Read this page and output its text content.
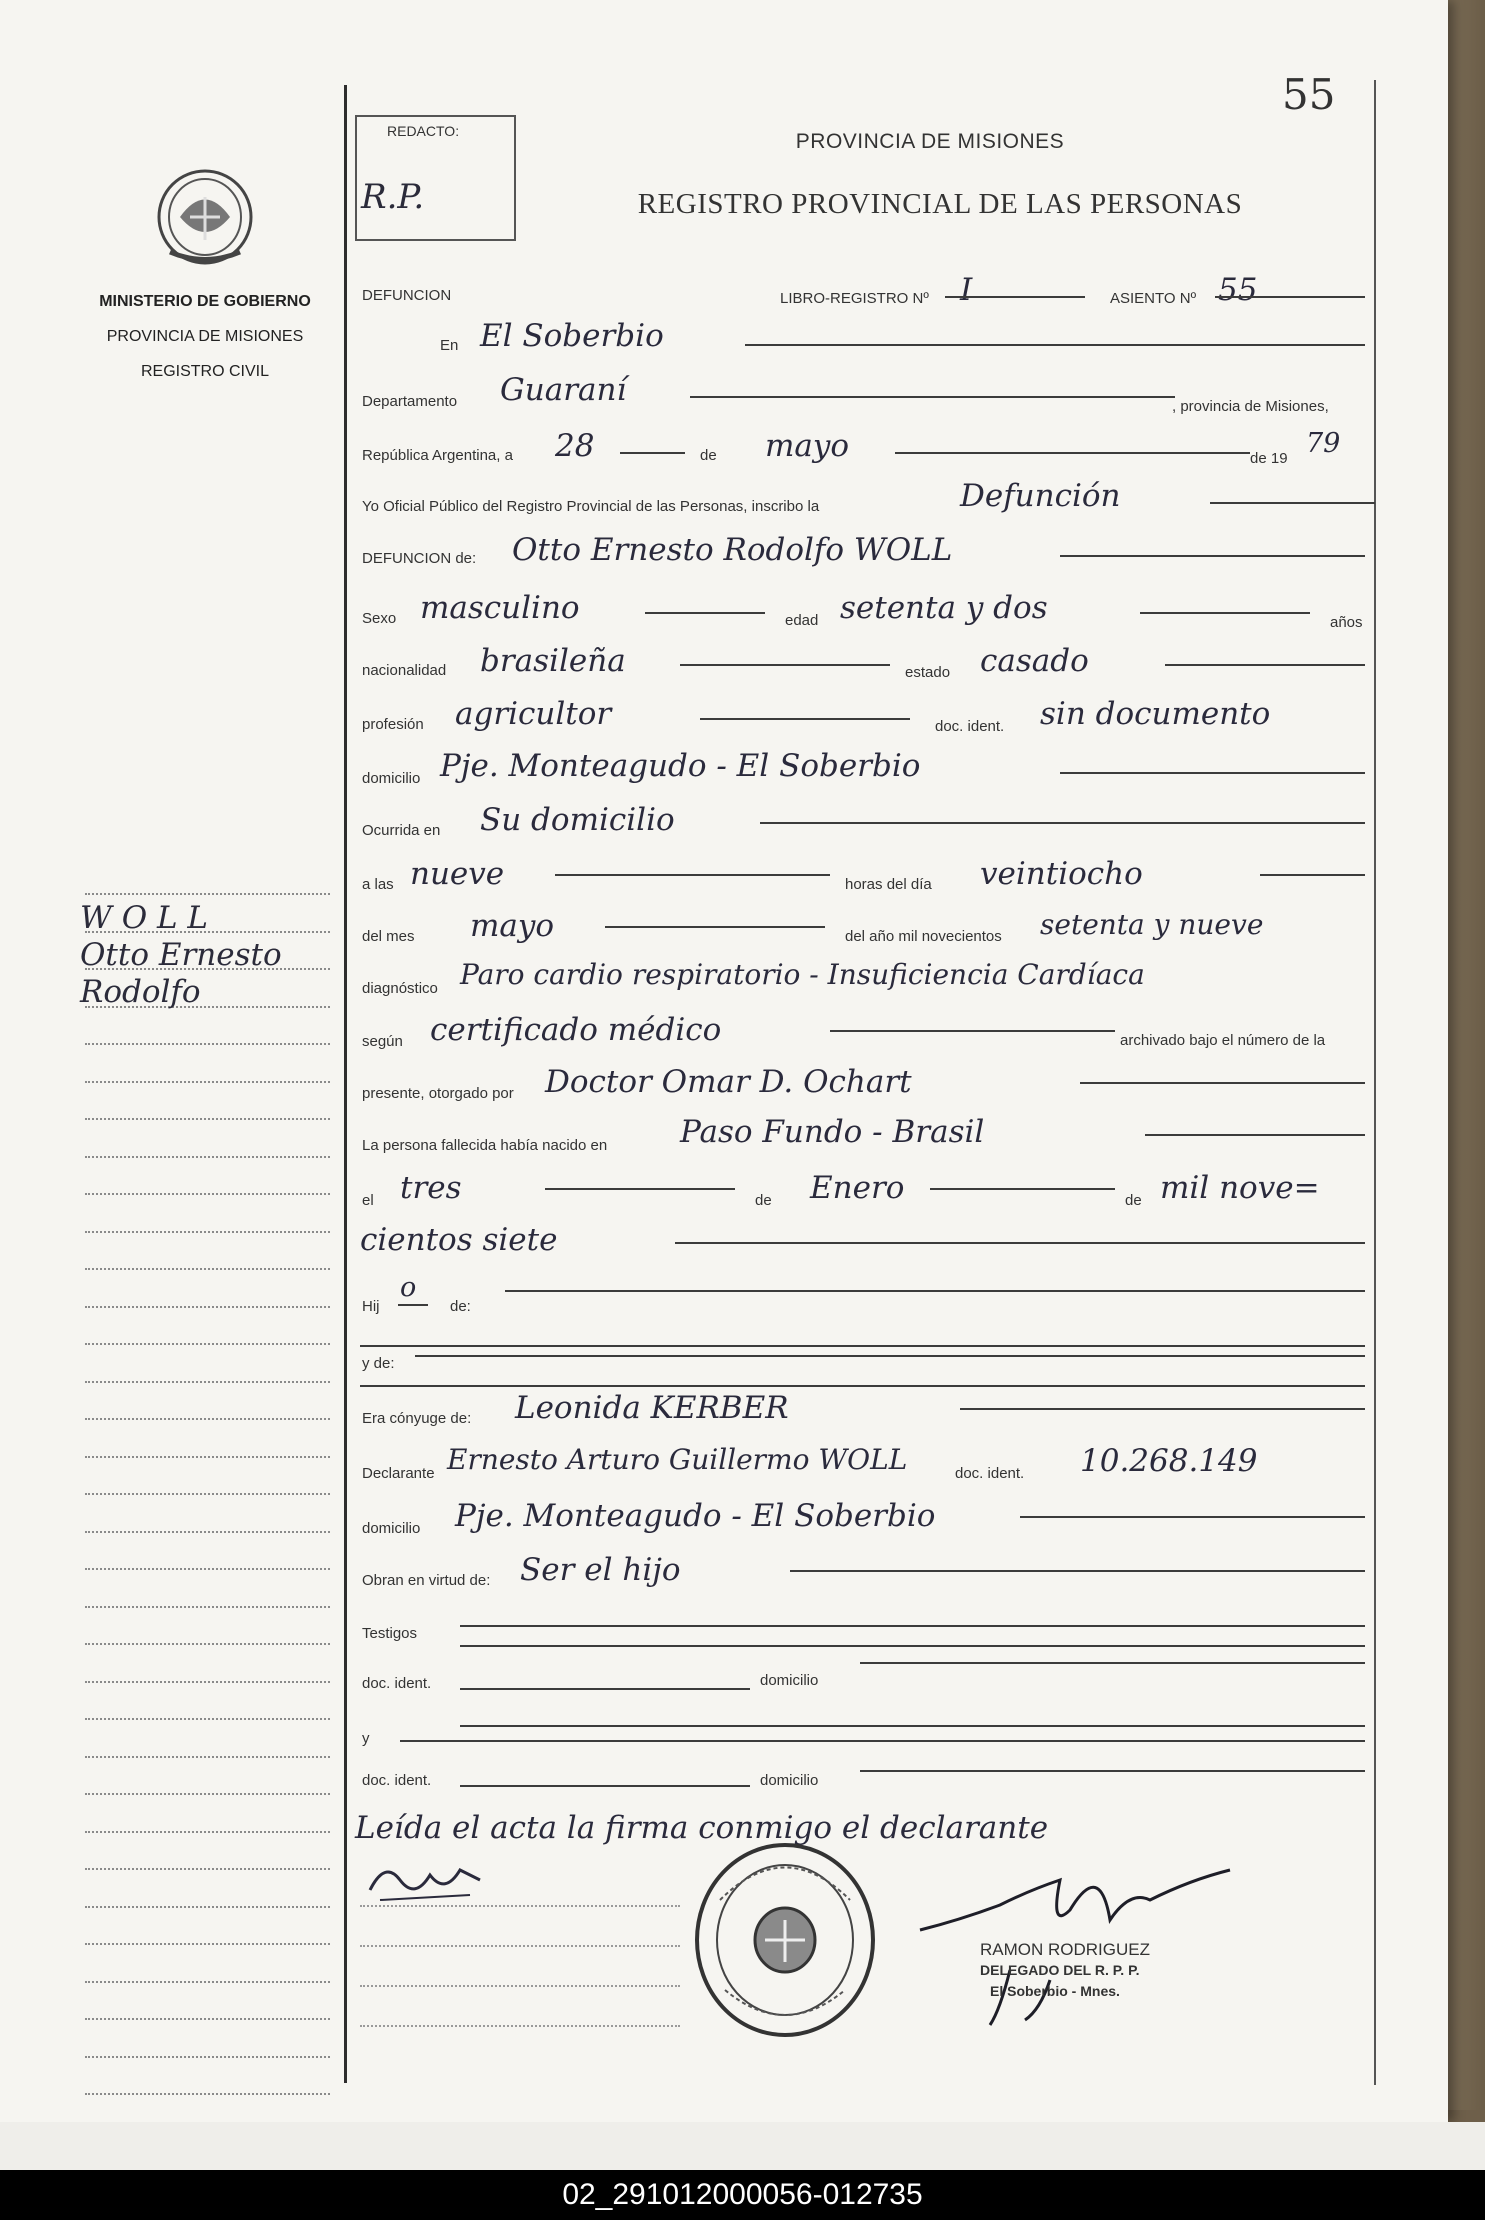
55
REDACTO:
R.P.
PROVINCIA DE MISIONES
REGISTRO PROVINCIAL DE LAS PERSONAS
MINISTERIO DE GOBIERNO
PROVINCIA DE MISIONES
REGISTRO CIVIL
W O L L
Otto Ernesto
Rodolfo
DEFUNCION	LIBRO-REGISTRO Nº I	ASIENTO Nº 55
En El Soberbio
Departamento Guaraní	, provincia de Misiones,
República Argentina, a 28	de mayo	de 19 79
Yo Oficial Público del Registro Provincial de las Personas, inscribo la	Defunción
DEFUNCION de: Otto Ernesto Rodolfo WOLL
Sexo masculino	edad setenta y dos	años
nacionalidad brasileña	estado casado
profesión agricultor	doc. ident. sin documento
domicilio Pje. Monteagudo - El Soberbio
Ocurrida en Su domicilio
a las nueve	horas del día veintiocho
del mes mayo	del año mil novecientos setenta y nueve
diagnóstico Paro cardio respiratorio - Insuficiencia Cardíaca
según certificado médico	archivado bajo el número de la
presente, otorgado por Doctor Omar D. Ochart
La persona fallecida había nacido en Paso Fundo - Brasil
el tres	de Enero	de mil nove=
cientos siete
Hij
o
de:
y de:
Era cónyuge de: Leonida KERBER
Declarante Ernesto Arturo Guillermo WOLL	doc. ident. 10.268.149
domicilio Pje. Monteagudo - El Soberbio
Obran en virtud de: Ser el hijo
Testigos
doc. ident.	domicilio
y
doc. ident.	domicilio
Leída el acta la firma conmigo el declarante
RAMON RODRIGUEZ
DELEGADO DEL R. P. P.
El Soberbio - Mnes.
02_291012000056-012735
